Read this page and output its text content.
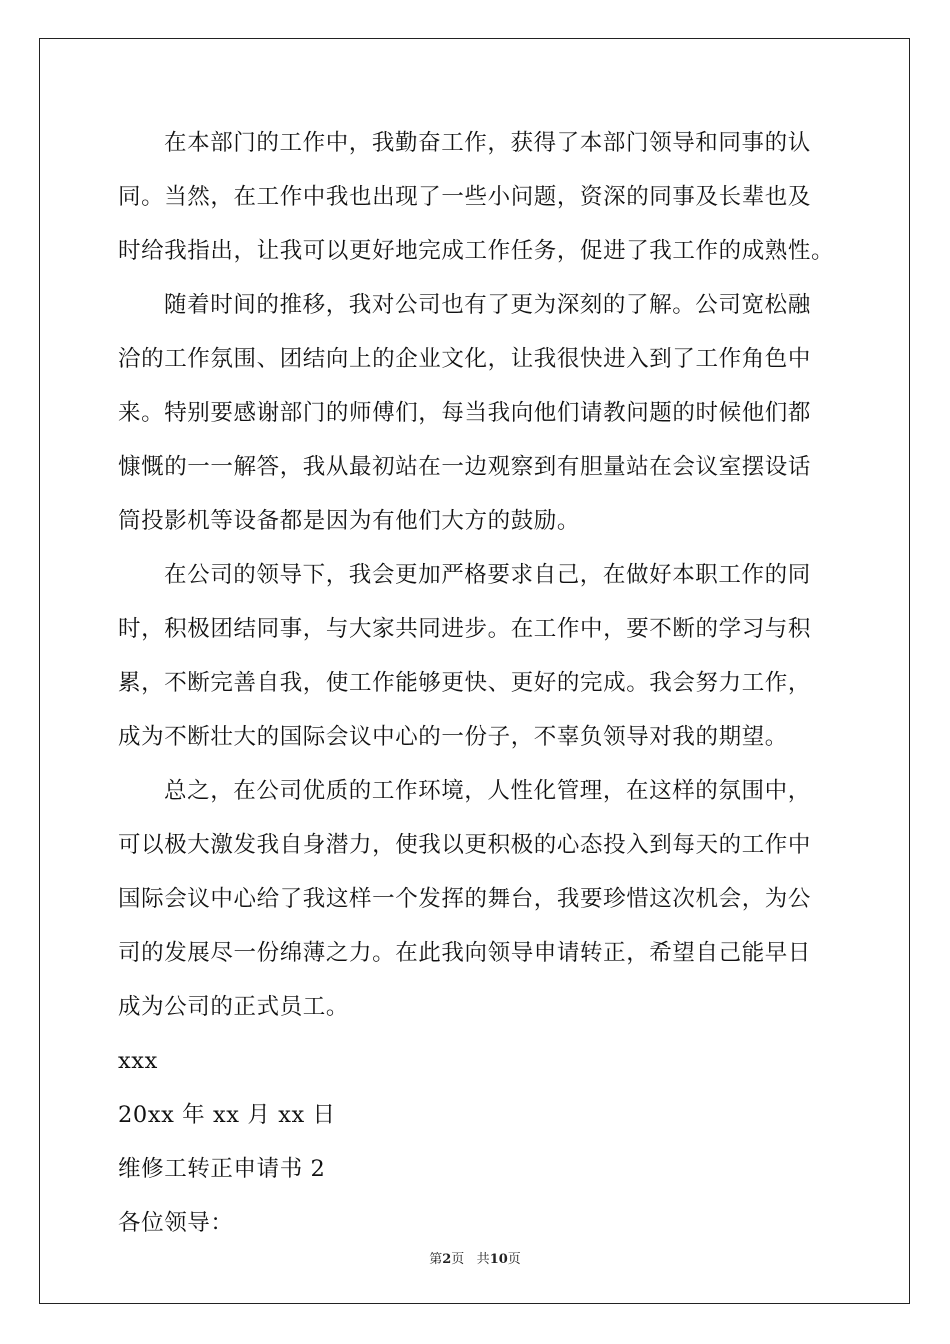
在本部门的工作中，我勤奋工作，获得了本部门领导和同事的认
同。当然，在工作中我也出现了一些小问题，资深的同事及长辈也及
时给我指出，让我可以更好地完成工作任务，促进了我工作的成熟性。
随着时间的推移，我对公司也有了更为深刻的了解。公司宽松融
洽的工作氛围、团结向上的企业文化，让我很快进入到了工作角色中
来。特别要感谢部门的师傅们，每当我向他们请教问题的时候他们都
慷慨的一一解答，我从最初站在一边观察到有胆量站在会议室摆设话
筒投影机等设备都是因为有他们大方的鼓励。
在公司的领导下，我会更加严格要求自己，在做好本职工作的同
时，积极团结同事，与大家共同进步。在工作中，要不断的学习与积
累，不断完善自我，使工作能够更快、更好的完成。我会努力工作，
成为不断壮大的国际会议中心的一份子，不辜负领导对我的期望。
总之，在公司优质的工作环境，人性化管理，在这样的氛围中，
可以极大激发我自身潜力，使我以更积极的心态投入到每天的工作中
国际会议中心给了我这样一个发挥的舞台，我要珍惜这次机会，为公
司的发展尽一份绵薄之力。在此我向领导申请转正，希望自己能早日
成为公司的正式员工。
xxx
20xx 年 xx 月 xx 日
维修工转正申请书 2
各位领导：
第2页 共10页
